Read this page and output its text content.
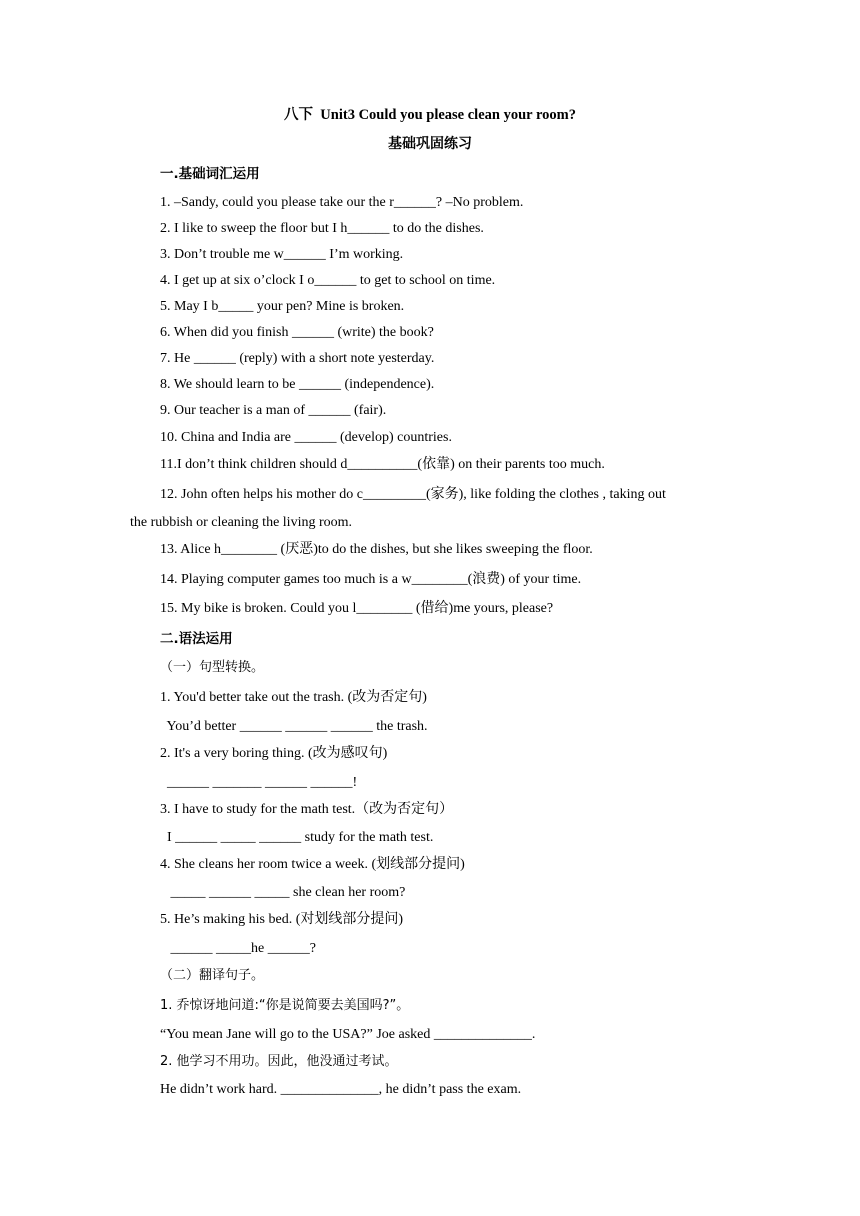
八下  Unit3 Could you please clean your room?
基础巩固练习
一.基础词汇运用
1. –Sandy, could you please take our the r______? –No problem.
2. I like to sweep the floor but I h______ to do the dishes.
3. Don’t trouble me w______ I’m working.
4. I get up at six o’clock I o______ to get to school on time.
5. May I b_____ your pen? Mine is broken.
6. When did you finish ______ (write) the book?
7. He ______ (reply) with a short note yesterday.
8. We should learn to be ______ (independence).
9. Our teacher is a man of ______ (fair).
10. China and India are ______ (develop) countries.
11.I don’t think children should d__________(依靠) on their parents too much.
12. John often helps his mother do c_________(家务), like folding the clothes , taking out
the rubbish or cleaning the living room.
13. Alice h________ (厌恶)to do the dishes, but she likes sweeping the floor.
14. Playing computer games too much is a w________(浪费) of your time.
15. My bike is broken. Could you l________ (借给)me yours, please?
二.语法运用
（一）句型转换。
1. You'd better take out the trash. (改为否定句)
You’d better ______ ______ ______ the trash.
2. It's a very boring thing. (改为感叹句)
______ _______ ______ ______!
3. I have to study for the math test.（改为否定句）
I ______ _____ ______ study for the math test.
4. She cleans her room twice a week. (划线部分提问)
_____ ______ _____ she clean her room?
5. He’s making his bed. (对划线部分提问)
______ _____he ______?
（二）翻译句子。
1. 乔惊讶地问道:“你是说简要去美国吗?”。
“You mean Jane will go to the USA?” Joe asked ______________.
2. 他学习不用功。因此，他没通过考试。
He didn’t work hard. ______________, he didn’t pass the exam.
